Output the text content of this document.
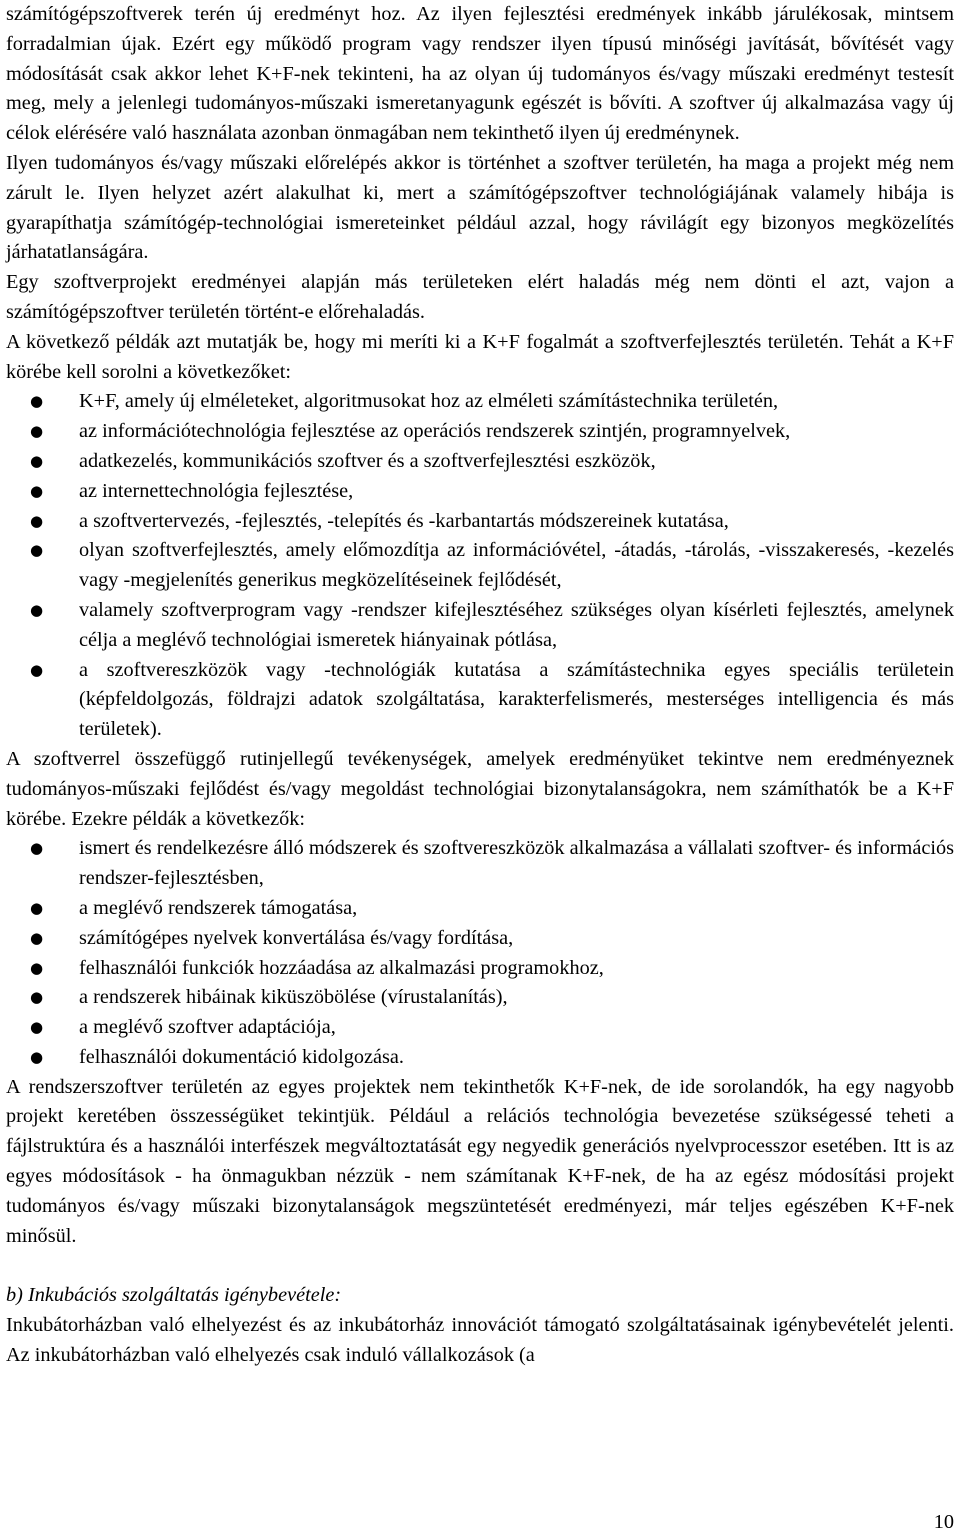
számítógépszoftverek terén új eredményt hoz. Az ilyen fejlesztési eredmények inkább járulékosak, mintsem forradalmian újak. Ezért egy működő program vagy rendszer ilyen típusú minőségi javítását, bővítését vagy módosítását csak akkor lehet K+F-nek tekinteni, ha az olyan új tudományos és/vagy műszaki eredményt testesít meg, mely a jelenlegi tudományos-műszaki ismeretanyagunk egészét is bővíti. A szoftver új alkalmazása vagy új célok elérésére való használata azonban önmagában nem tekinthető ilyen új eredménynek.

Ilyen tudományos és/vagy műszaki előrelépés akkor is történhet a szoftver területén, ha maga a projekt még nem zárult le. Ilyen helyzet azért alakulhat ki, mert a számítógépszoftver technológiájának valamely hibája is gyarapíthatja számítógép-technológiai ismereteinket például azzal, hogy rávilágít egy bizonyos megközelítés járhatatlanságára.

Egy szoftverprojekt eredményei alapján más területeken elért haladás még nem dönti el azt, vajon a számítógépszoftver területén történt-e előrehaladás.

A következő példák azt mutatják be, hogy mi meríti ki a K+F fogalmát a szoftverfejlesztés területén. Tehát a K+F körébe kell sorolni a következőket:

● K+F, amely új elméleteket, algoritmusokat hoz az elméleti számítástechnika területén,
● az információtechnológia fejlesztése az operációs rendszerek szintjén, programnyelvek,
● adatkezelés, kommunikációs szoftver és a szoftverfejlesztési eszközök,
● az internettechnológia fejlesztése,
● a szoftvertervezés, -fejlesztés, -telepítés és -karbantartás módszereinek kutatása,
● olyan szoftverfejlesztés, amely előmozdítja az információvétel, -átadás, -tárolás, -visszakeresés, -kezelés vagy -megjelenítés generikus megközelítéseinek fejlődését,
● valamely szoftverprogram vagy -rendszer kifejlesztéséhez szükséges olyan kísérleti fejlesztés, amelynek célja a meglévő technológiai ismeretek hiányainak pótlása,
● a szoftvereszközök vagy -technológiák kutatása a számítástechnika egyes speciális területein (képfeldolgozás, földrajzi adatok szolgáltatása, karakterfelismerés, mesterséges intelligencia és más területek).

A szoftverrel összefüggő rutinjellegű tevékenységek, amelyek eredményüket tekintve nem eredményeznek tudományos-műszaki fejlődést és/vagy megoldást technológiai bizonytalanságokra, nem számíthatók be a K+F körébe. Ezekre példák a következők:

● ismert és rendelkezésre álló módszerek és szoftvereszközök alkalmazása a vállalati szoftver- és információs rendszer-fejlesztésben,
● a meglévő rendszerek támogatása,
● számítógépes nyelvek konvertálása és/vagy fordítása,
● felhasználói funkciók hozzáadása az alkalmazási programokhoz,
● a rendszerek hibáinak kiküszöbölése (vírustalanítás),
● a meglévő szoftver adaptációja,
● felhasználói dokumentáció kidolgozása.

A rendszerszoftver területén az egyes projektek nem tekinthetők K+F-nek, de ide sorolandók, ha egy nagyobb projekt keretében összességüket tekintjük. Például a relációs technológia bevezetése szükségessé teheti a fájlstruktúra és a használói interfészek megváltoztatását egy negyedik generációs nyelvprocesszor esetében. Itt is az egyes módosítások - ha önmagukban nézzük - nem számítanak K+F-nek, de ha az egész módosítási projekt tudományos és/vagy műszaki bizonytalanságok megszüntetését eredményezi, már teljes egészében K+F-nek minősül.

b) Inkubációs szolgáltatás igénybevétele:

Inkubátorházban való elhelyezést és az inkubátorház innovációt támogató szolgáltatásainak igénybevételét jelenti. Az inkubátorházban való elhelyezés csak induló vállalkozások (a

10
